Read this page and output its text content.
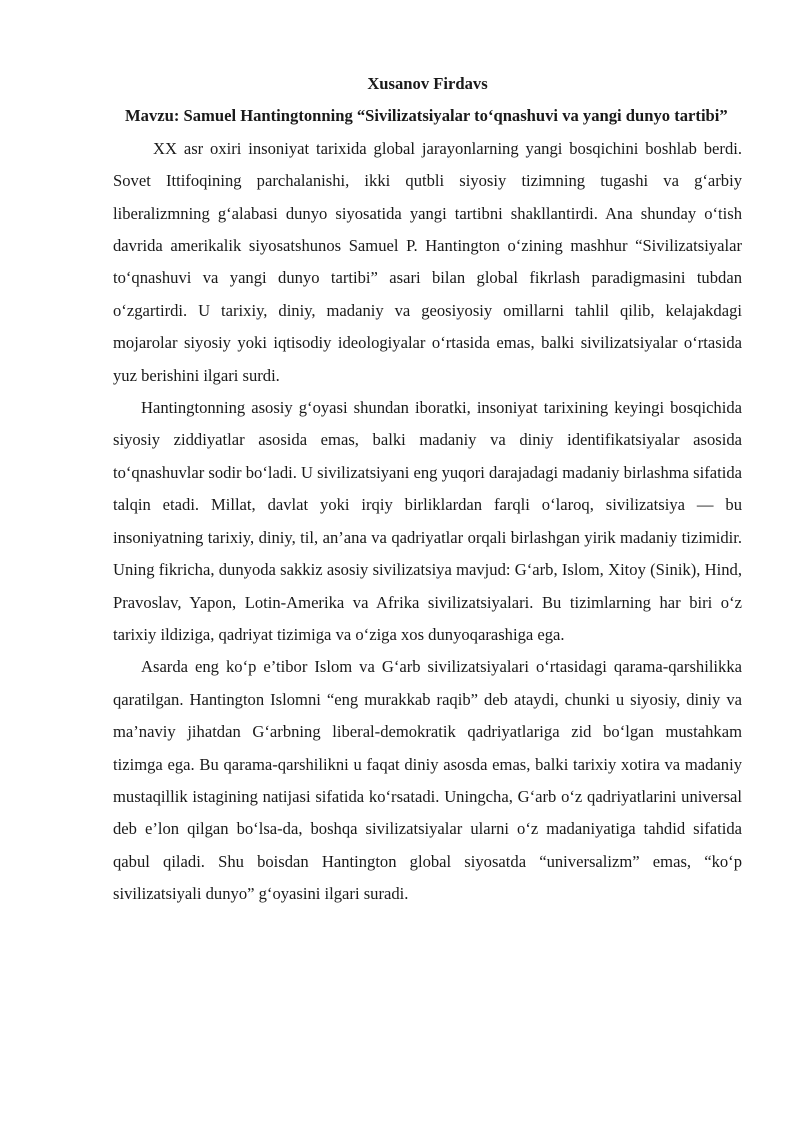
Xusanov Firdavs

Mavzu: Samuel Hantingtonning “Sivilizatsiyalar to‘qnashuvi va yangi dunyo tartibi”

XX asr oxiri insoniyat tarixida global jarayonlarning yangi bosqichini boshlab berdi. Sovet Ittifoqining parchalanishi, ikki qutbli siyosiy tizimning tugashi va g‘arbiy liberalizmning g‘alabasi dunyo siyosatida yangi tartibni shakllantirdi. Ana shunday o‘tish davrida amerikalik siyosatshunos Samuel P. Hantington o‘zining mashhur “Sivilizatsiyalar to‘qnashuvi va yangi dunyo tartibi” asari bilan global fikrlash paradigmasini tubdan o‘zgartirdi. U tarixiy, diniy, madaniy va geosiyosiy omillarni tahlil qilib, kelajakdagi mojarolar siyosiy yoki iqtisodiy ideologiyalar o‘rtasida emas, balki sivilizatsiyalar o‘rtasida yuz berishini ilgari surdi.

Hantingtonning asosiy g‘oyasi shundan iboratki, insoniyat tarixining keyingi bosqichida siyosiy ziddiyatlar asosida emas, balki madaniy va diniy identifikatsiyalar asosida to‘qnashuvlar sodir bo‘ladi. U sivilizatsiyani eng yuqori darajadagi madaniy birlashma sifatida talqin etadi. Millat, davlat yoki irqiy birliklardan farqli o‘laroq, sivilizatsiya — bu insoniyatning tarixiy, diniy, til, an’ana va qadriyatlar orqali birlashgan yirik madaniy tizimidir. Uning fikricha, dunyoda sakkiz asosiy sivilizatsiya mavjud: G‘arb, Islom, Xitoy (Sinik), Hind, Pravoslav, Yapon, Lotin-Amerika va Afrika sivilizatsiyalari. Bu tizimlarning har biri o‘z tarixiy ildiziga, qadriyat tizimiga va o‘ziga xos dunyoqarashiga ega.

Asarda eng ko‘p e’tibor Islom va G‘arb sivilizatsiyalari o‘rtasidagi qarama-qarshilikka qaratilgan. Hantington Islomni “eng murakkab raqib” deb ataydi, chunki u siyosiy, diniy va ma’naviy jihatdan G‘arbning liberal-demokratik qadriyatlariga zid bo‘lgan mustahkam tizimga ega. Bu qarama-qarshilikni u faqat diniy asosda emas, balki tarixiy xotira va madaniy mustaqillik istagining natijasi sifatida ko‘rsatadi. Uningcha, G‘arb o‘z qadriyatlarini universal deb e’lon qilgan bo‘lsa-da, boshqa sivilizatsiyalar ularni o‘z madaniyatiga tahdid sifatida qabul qiladi. Shu boisdan Hantington global siyosatda “universalizm” emas, “ko‘p sivilizatsiyali dunyo” g‘oyasini ilgari suradi.
